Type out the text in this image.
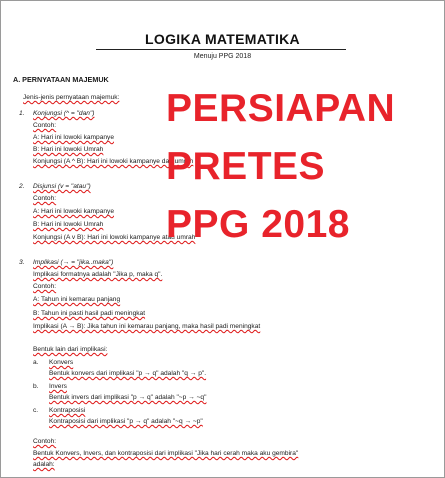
LOGIKA MATEMATIKA
Menuju PPG 2018
A. PERNYATAAN MAJEMUK
Jenis-jenis pernyataan majemuk:
1. Konjungsi (^ = "dan")
Contoh:
A: Hari ini lowoki kampanye
B: Hari ini lowoki Umrah
Konjungsi (A ^ B): Hari ini lowoki kampanye dan umrah
2. Disjunsi (v = "atau")
Contoh:
A: Hari ini lowoki kampanye
B: Hari ini lowoki Umrah
Konjungsi (A v B): Hari ini lowoki kampanye atau umrah
3. Implikasi (→ = "jika..maka")
Implikasi formatnya adalah "Jika p, maka q".
Contoh:
A: Tahun ini kemarau panjang
B: Tahun ini pasti hasil padi meningkat
Implikasi (A → B): Jika tahun ini kemarau panjang, maka hasil padi meningkat
Bentuk lain dari implikasi:
a. Konvers
Bentuk konvers dari implikasi "p → q" adalah "q → p".
b. Invers
Bentuk invers dari implikasi "p → q" adalah "~p → ~q"
c. Kontraposisi
Kontraposisi dari implikasi "p → q" adalah "~q → ~p"
Contoh:
Bentuk Konvers, Invers, dan kontraposisi dari implikasi "Jika hari cerah maka aku gembira"
adalah:
PERSIAPAN
PRETES
PPG 2018
